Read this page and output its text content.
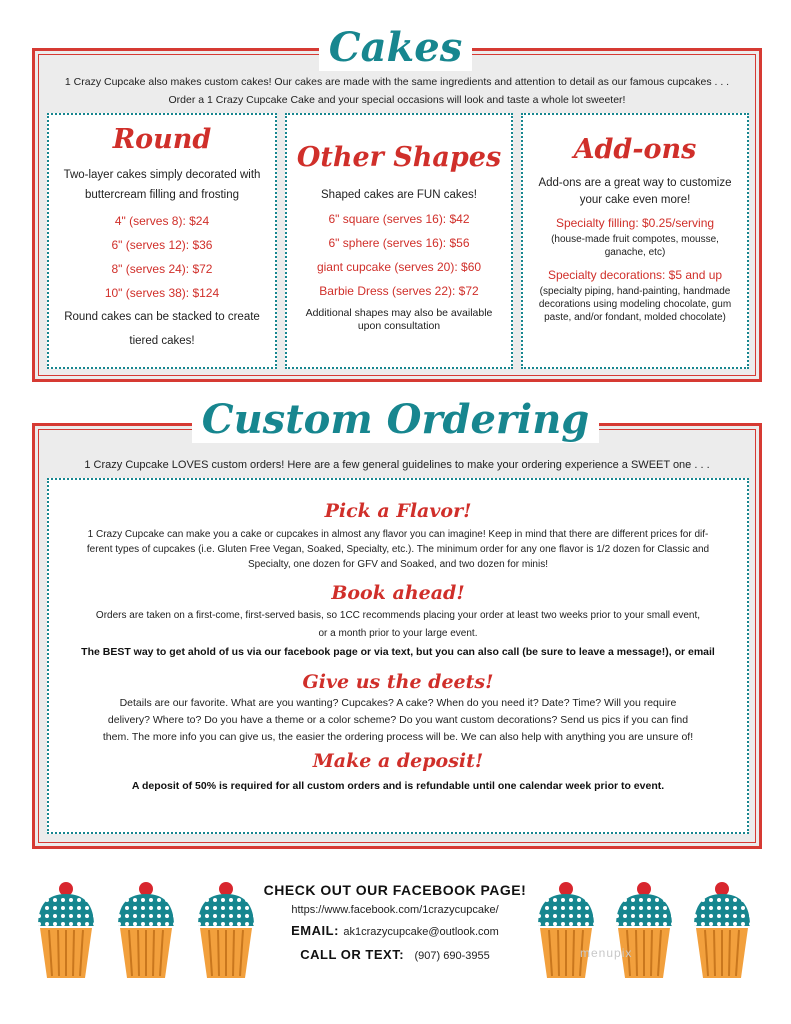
Cakes
1 Crazy Cupcake also makes custom cakes! Our cakes are made with the same ingredients and attention to detail as our famous cupcakes . . .
Order a 1 Crazy Cupcake Cake and your special occasions will look and taste a whole lot sweeter!
Round
Two-layer cakes simply decorated with
buttercream filling and frosting
4" (serves 8): $24
6" (serves 12): $36
8" (serves 24): $72
10" (serves 38): $124
Round cakes can be stacked to create
tiered cakes!
Other Shapes
Shaped cakes are FUN cakes!
6" square (serves 16): $42
6" sphere (serves 16): $56
giant cupcake (serves 20): $60
Barbie Dress (serves 22): $72
Additional shapes may also be available
upon consultation
Add-ons
Add-ons are a great way to customize
your cake even more!
Specialty filling: $0.25/serving
(house-made fruit compotes, mousse,
ganache, etc)
Specialty decorations: $5 and up
(specialty piping, hand-painting, handmade
decorations using modeling chocolate, gum
paste, and/or fondant, molded chocolate)
Custom Ordering
1 Crazy Cupcake LOVES custom orders! Here are a few general guidelines to make your ordering experience a SWEET one . . .
Pick a Flavor!
1 Crazy Cupcake can make you a cake or cupcakes in almost any flavor you can imagine! Keep in mind that there are different prices for dif-
ferent types of cupcakes (i.e. Gluten Free Vegan, Soaked, Specialty, etc.). The minimum order for any one flavor is 1/2 dozen for Classic and
Specialty, one dozen for GFV and Soaked, and two dozen for minis!
Book ahead!
Orders are taken on a first-come, first-served basis, so 1CC recommends placing your order at least two weeks prior to your small event,
or a month prior to your large event.
The BEST way to get ahold of us via our facebook page or via text, but you can also call (be sure to leave a message!), or email
Give us the deets!
Details are our favorite. What are you wanting? Cupcakes? A cake? When do you need it? Date? Time? Will you require
delivery? Where to? Do you have a theme or a color scheme? Do you want custom decorations? Send us pics if you can find
them. The more info you can give us, the easier the ordering process will be. We can also help with anything you are unsure of!
Make a deposit!
A deposit of 50% is required for all custom orders and is refundable until one calendar week prior to event.
CHECK OUT OUR FACEBOOK PAGE!
https://www.facebook.com/1crazycupcake/
EMAIL: ak1crazycupcake@outlook.com
CALL OR TEXT: (907) 690-3955	menupix
